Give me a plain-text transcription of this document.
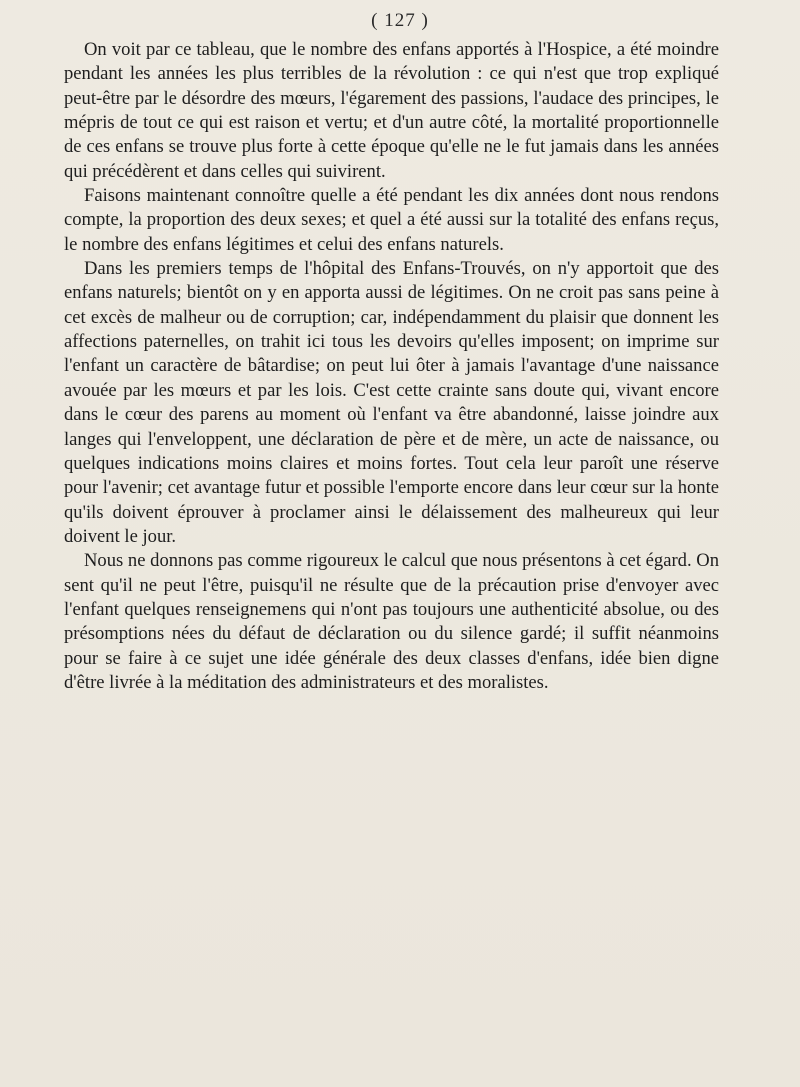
( 127 )

On voit par ce tableau, que le nombre des enfans apportés à l'Hospice, a été moindre pendant les années les plus terribles de la révolution : ce qui n'est que trop expliqué peut-être par le désordre des mœurs, l'égarement des passions, l'audace des principes, le mépris de tout ce qui est raison et vertu; et d'un autre côté, la mortalité proportionnelle de ces enfans se trouve plus forte à cette époque qu'elle ne le fut jamais dans les années qui précédèrent et dans celles qui suivirent.

Faisons maintenant connoître quelle a été pendant les dix années dont nous rendons compte, la proportion des deux sexes; et quel a été aussi sur la totalité des enfans reçus, le nombre des enfans légitimes et celui des enfans naturels.

Dans les premiers temps de l'hôpital des Enfans-Trouvés, on n'y apportoit que des enfans naturels; bientôt on y en apporta aussi de légitimes. On ne croit pas sans peine à cet excès de malheur ou de corruption; car, indépendamment du plaisir que donnent les affections paternelles, on trahit ici tous les devoirs qu'elles imposent; on imprime sur l'enfant un caractère de bâtardise; on peut lui ôter à jamais l'avantage d'une naissance avouée par les mœurs et par les lois. C'est cette crainte sans doute qui, vivant encore dans le cœur des parens au moment où l'enfant va être abandonné, laisse joindre aux langes qui l'enveloppent, une déclaration de père et de mère, un acte de naissance, ou quelques indications moins claires et moins fortes. Tout cela leur paroît une réserve pour l'avenir; cet avantage futur et possible l'emporte encore dans leur cœur sur la honte qu'ils doivent éprouver à proclamer ainsi le délaissement des malheureux qui leur doivent le jour.

Nous ne donnons pas comme rigoureux le calcul que nous présentons à cet égard. On sent qu'il ne peut l'être, puisqu'il ne résulte que de la précaution prise d'envoyer avec l'enfant quelques renseignemens qui n'ont pas toujours une authenticité absolue, ou des présomptions nées du défaut de déclaration ou du silence gardé; il suffit néanmoins pour se faire à ce sujet une idée générale des deux classes d'enfans, idée bien digne d'être livrée à la méditation des administrateurs et des moralistes.
